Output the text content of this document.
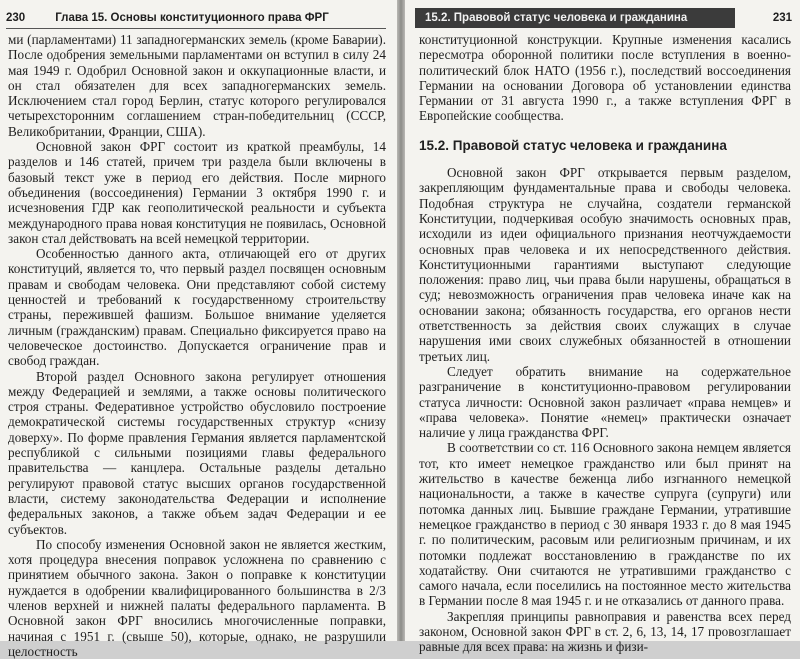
230	Глава 15. Основы конституционного права ФРГ

ми (парламентами) 11 западногерманских земель (кроме Баварии). После одобрения земельными парламентами он вступил в силу 24 мая 1949 г. Одобрил Основной закон и оккупационные власти, и он стал обязателен для всех западногерманских земель. Исключением стал город Берлин, статус которого регулировался четырехсторонним соглашением стран-победительниц (СССР, Великобритании, Франции, США).

Основной закон ФРГ состоит из краткой преамбулы, 14 разделов и 146 статей, причем три раздела были включены в базовый текст уже в период его действия. После мирного объединения (воссоединения) Германии 3 октября 1990 г. и исчезновения ГДР как геополитической реальности и субъекта международного права новая конституция не появилась, Основной закон стал действовать на всей немецкой территории.

Особенностью данного акта, отличающей его от других конституций, является то, что первый раздел посвящен основным правам и свободам человека. Они представляют собой систему ценностей и требований к государственному строительству страны, пережившей фашизм. Большое внимание уделяется личным (гражданским) правам. Специально фиксируется право на человеческое достоинство. Допускается ограничение прав и свобод граждан.

Второй раздел Основного закона регулирует отношения между Федерацией и землями, а также основы политического строя страны. Федеративное устройство обусловило построение демократической системы государственных структур «снизу доверху». По форме правления Германия является парламентской республикой с сильными позициями главы федерального правительства — канцлера. Остальные разделы детально регулируют правовой статус высших органов государственной власти, систему законодательства Федерации и исполнение федеральных законов, а также объем задач Федерации и ее субъектов.

По способу изменения Основной закон не является жестким, хотя процедура внесения поправок усложнена по сравнению с принятием обычного закона. Закон о поправке к конституции нуждается в одобрении квалифицированного большинства в 2/3 членов верхней и нижней палаты федерального парламента. В Основной закон ФРГ вносились многочисленные поправки, начиная с 1951 г. (свыше 50), которые, однако, не разрушили целостность

15.2. Правовой статус человека и гражданина	231

конституционной конструкции. Крупные изменения касались пересмотра оборонной политики после вступления в военно-политический блок НАТО (1956 г.), последствий воссоединения Германии на основании Договора об установлении единства Германии от 31 августа 1990 г., а также вступления ФРГ в Европейские сообщества.

15.2. Правовой статус человека и гражданина

Основной закон ФРГ открывается первым разделом, закрепляющим фундаментальные права и свободы человека. Подобная структура не случайна, создатели германской Конституции, подчеркивая особую значимость основных прав, исходили из идеи официального признания неотчуждаемости основных прав человека и их непосредственного действия. Конституционными гарантиями выступают следующие положения: право лиц, чьи права были нарушены, обращаться в суд; невозможность ограничения прав человека иначе как на основании закона; обязанность государства, его органов нести ответственность за действия своих служащих в случае нарушения ими своих служебных обязанностей в отношении третьих лиц.

Следует обратить внимание на содержательное разграничение в конституционно-правовом регулировании статуса личности: Основной закон различает «права немцев» и «права человека». Понятие «немец» практически означает наличие у лица гражданства ФРГ.

В соответствии со ст. 116 Основного закона немцем является тот, кто имеет немецкое гражданство или был принят на жительство в качестве беженца либо изгнанного немецкой национальности, а также в качестве супруга (супруги) или потомка данных лиц. Бывшие граждане Германии, утратившие немецкое гражданство в период с 30 января 1933 г. до 8 мая 1945 г. по политическим, расовым или религиозным причинам, и их потомки подлежат восстановлению в гражданстве по их ходатайству. Они считаются не утратившими гражданство с самого начала, если поселились на постоянное место жительства в Германии после 8 мая 1945 г. и не отказались от данного права.

Закрепляя принципы равноправия и равенства всех перед законом, Основной закон ФРГ в ст. 2, 6, 13, 14, 17 провозглашает равные для всех права: на жизнь и физи-
